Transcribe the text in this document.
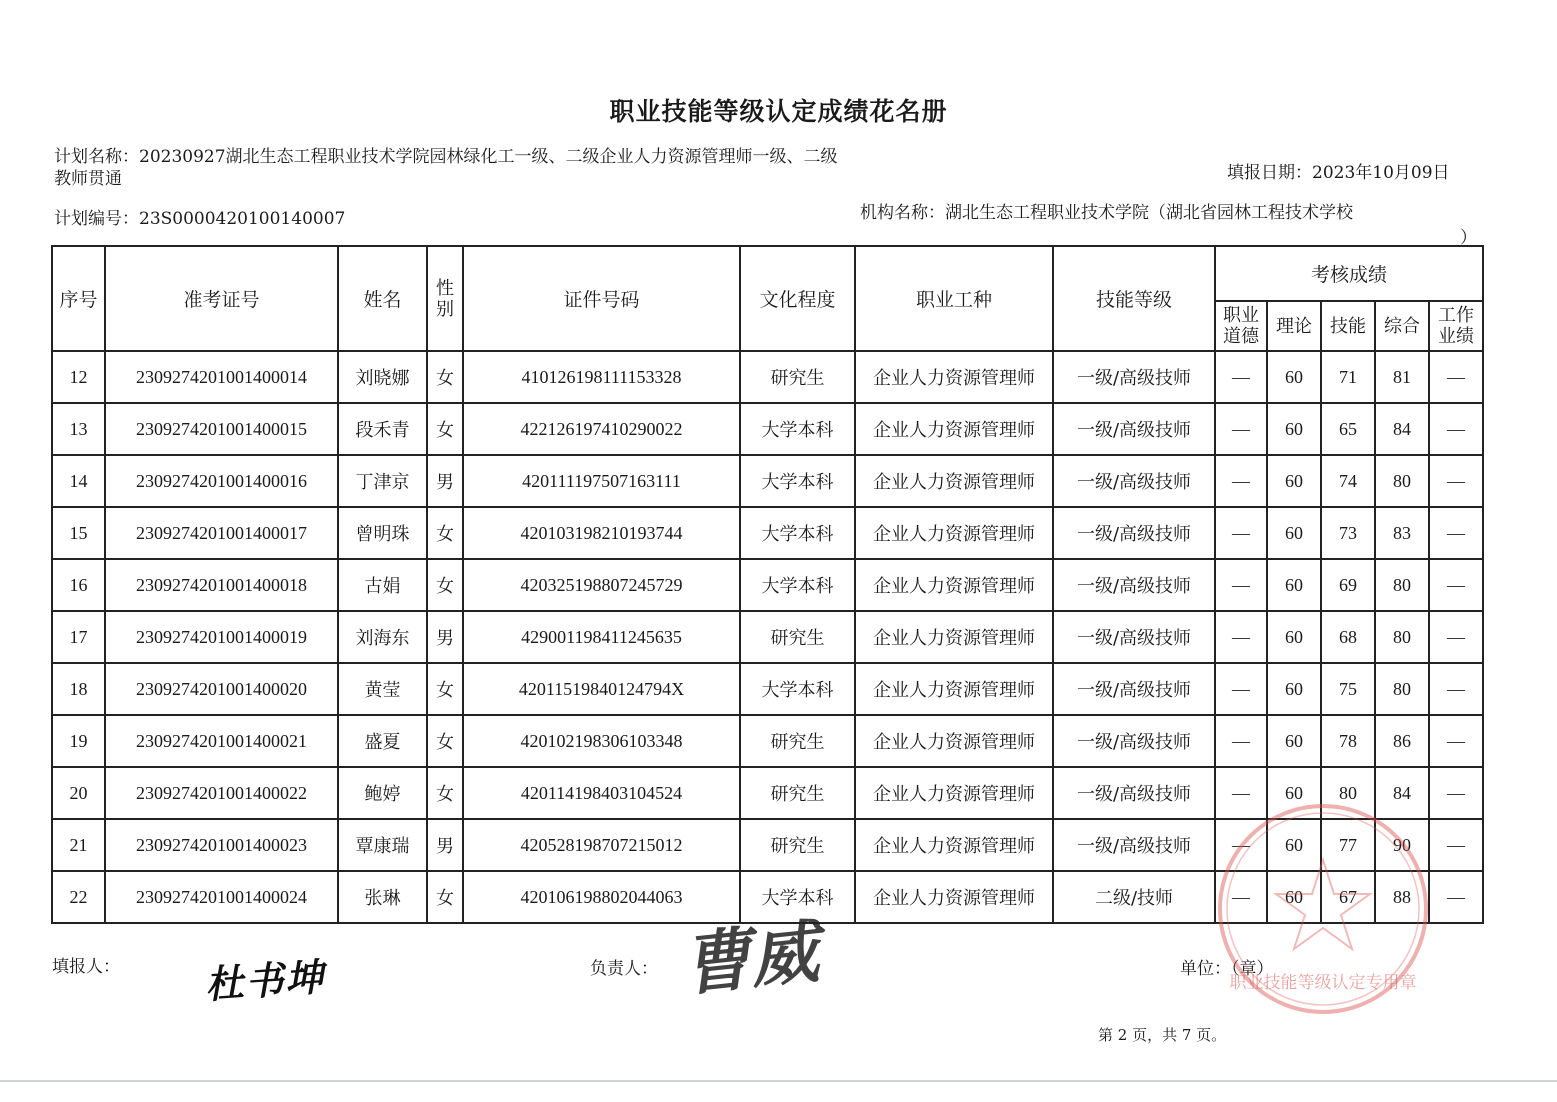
职业技能等级认定成绩花名册
计划名称：20230927湖北生态工程职业技术学院园林绿化工一级、二级企业人力资源管理师一级、二级教师贯通	填报日期：2023年10月09日
计划编号：23S0000420100140007	机构名称：湖北生态工程职业技术学院（湖北省园林工程技术学校
）
序号	准考证号	姓名	性别	证件号码	文化程度	职业工种	技能等级	考核成绩				
								职业道德	理论	技能	综合	工作业绩
12	2309274201001400014	刘晓娜	女	410126198111153328	研究生	企业人力资源管理师	一级/高级技师	—	60	71	81	—
13	2309274201001400015	段禾青	女	422126197410290022	大学本科	企业人力资源管理师	一级/高级技师	—	60	65	84	—
14	2309274201001400016	丁津京	男	420111197507163111	大学本科	企业人力资源管理师	一级/高级技师	—	60	74	80	—
15	2309274201001400017	曾明珠	女	420103198210193744	大学本科	企业人力资源管理师	一级/高级技师	—	60	73	83	—
16	2309274201001400018	古娟	女	420325198807245729	大学本科	企业人力资源管理师	一级/高级技师	—	60	69	80	—
17	2309274201001400019	刘海东	男	429001198411245635	研究生	企业人力资源管理师	一级/高级技师	—	60	68	80	—
18	2309274201001400020	黄莹	女	42011519840124794X	大学本科	企业人力资源管理师	一级/高级技师	—	60	75	80	—
19	2309274201001400021	盛夏	女	420102198306103348	研究生	企业人力资源管理师	一级/高级技师	—	60	78	86	—
20	2309274201001400022	鲍婷	女	420114198403104524	研究生	企业人力资源管理师	一级/高级技师	—	60	80	84	—
21	2309274201001400023	覃康瑞	男	420528198707215012	研究生	企业人力资源管理师	一级/高级技师	—	60	77	90	—
22	2309274201001400024	张琳	女	420106198802044063	大学本科	企业人力资源管理师	二级/技师	—	60	67	88	—
填报人： 杜书坤	负责人： 曹威	单位：（章）
职业技能等级认定专用章
第 2 页，共 7 页。
